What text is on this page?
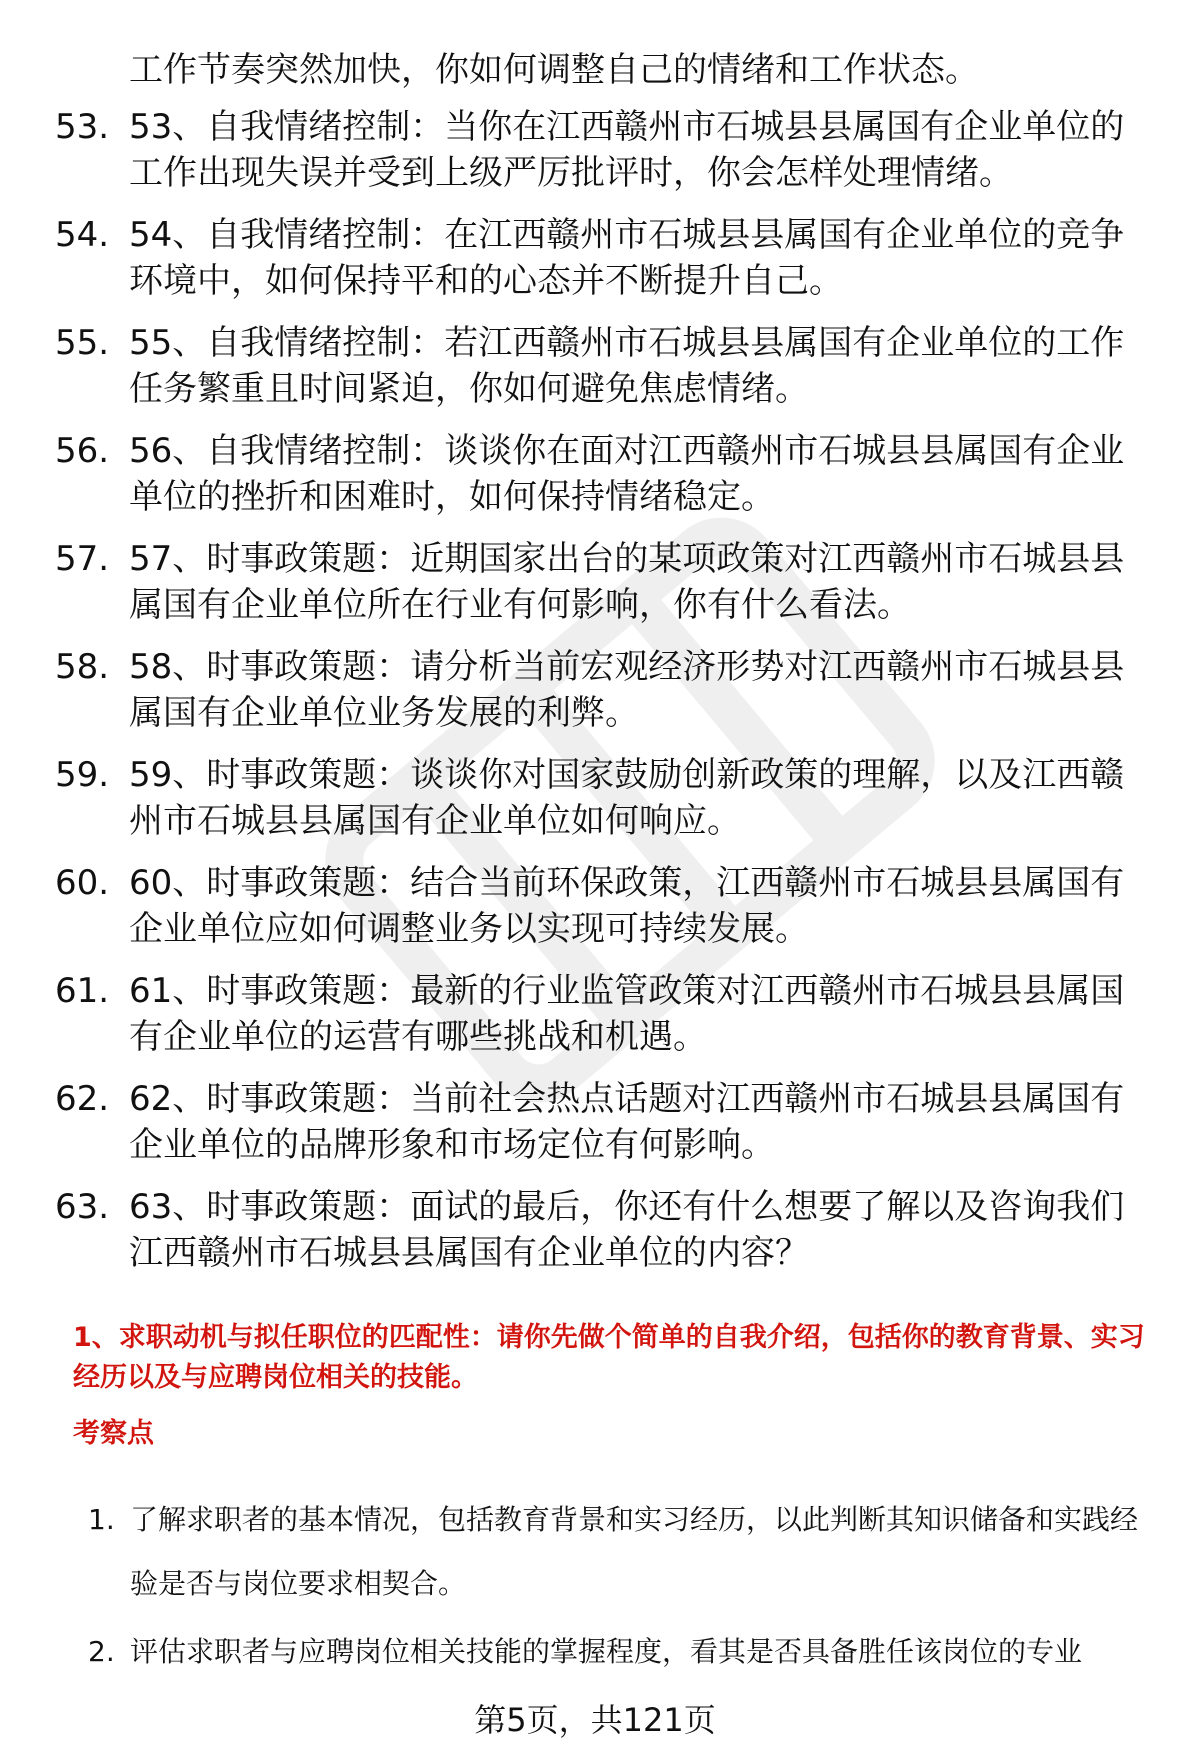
工作节奏突然加快，你如何调整自己的情绪和工作状态。
53. 53、自我情绪控制：当你在江西赣州市石城县县属国有企业单位的工作出现失误并受到上级严厉批评时，你会怎样处理情绪。
54. 54、自我情绪控制：在江西赣州市石城县县属国有企业单位的竞争环境中，如何保持平和的心态并不断提升自己。
55. 55、自我情绪控制：若江西赣州市石城县县属国有企业单位的工作任务繁重且时间紧迫，你如何避免焦虑情绪。
56. 56、自我情绪控制：谈谈你在面对江西赣州市石城县县属国有企业单位的挫折和困难时，如何保持情绪稳定。
57. 57、时事政策题：近期国家出台的某项政策对江西赣州市石城县县属国有企业单位所在行业有何影响，你有什么看法。
58. 58、时事政策题：请分析当前宏观经济形势对江西赣州市石城县县属国有企业单位业务发展的利弊。
59. 59、时事政策题：谈谈你对国家鼓励创新政策的理解，以及江西赣州市石城县县属国有企业单位如何响应。
60. 60、时事政策题：结合当前环保政策，江西赣州市石城县县属国有企业单位应如何调整业务以实现可持续发展。
61. 61、时事政策题：最新的行业监管政策对江西赣州市石城县县属国有企业单位的运营有哪些挑战和机遇。
62. 62、时事政策题：当前社会热点话题对江西赣州市石城县县属国有企业单位的品牌形象和市场定位有何影响。
63. 63、时事政策题：面试的最后，你还有什么想要了解以及咨询我们江西赣州市石城县县属国有企业单位的内容？
1、求职动机与拟任职位的匹配性：请你先做个简单的自我介绍，包括你的教育背景、实习经历以及与应聘岗位相关的技能。
考察点
1. 了解求职者的基本情况，包括教育背景和实习经历，以此判断其知识储备和实践经验是否与岗位要求相契合。
2. 评估求职者与应聘岗位相关技能的掌握程度，看其是否具备胜任该岗位的专业
第5页，共121页
